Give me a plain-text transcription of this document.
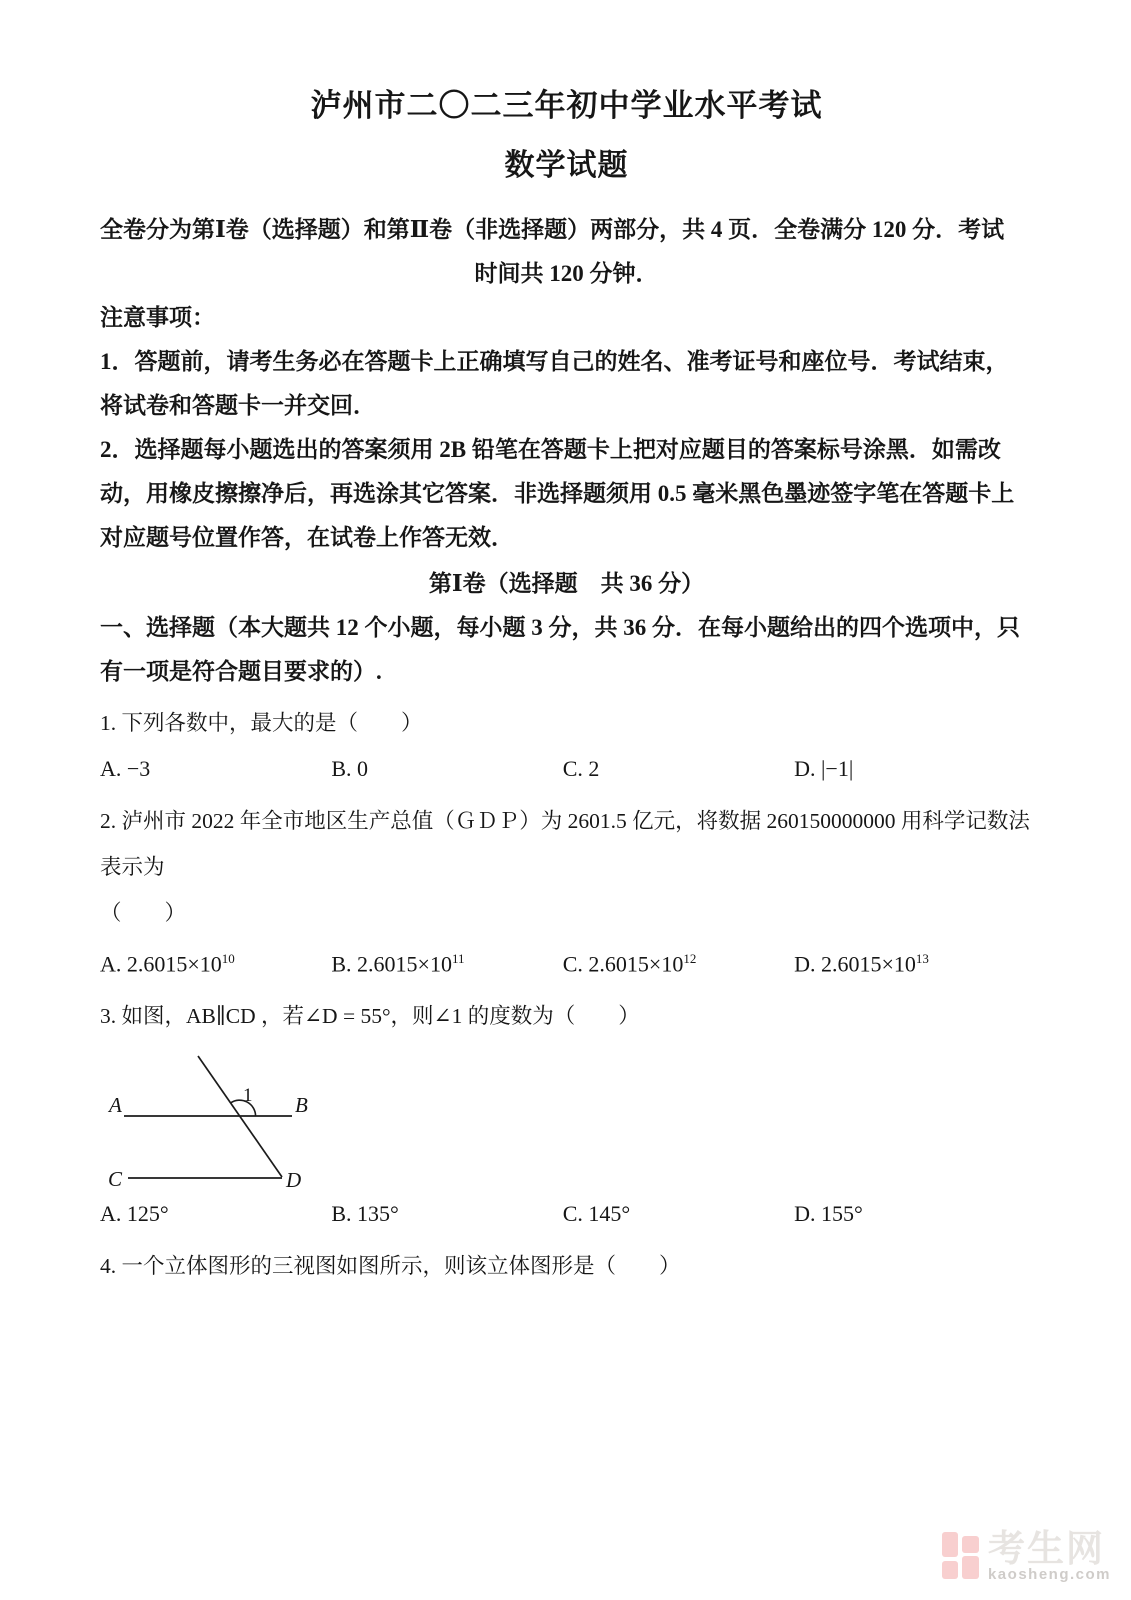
泸州市二〇二三年初中学业水平考试
数学试题
全卷分为第Ⅰ卷（选择题）和第Ⅱ卷（非选择题）两部分，共 4 页．全卷满分 120 分．考试
时间共 120 分钟．
注意事项：
1．答题前，请考生务必在答题卡上正确填写自己的姓名、准考证号和座位号．考试结束，
将试卷和答题卡一并交回．
2．选择题每小题选出的答案须用 2B 铅笔在答题卡上把对应题目的答案标号涂黑．如需改
动，用橡皮擦擦净后，再选涂其它答案．非选择题须用 0.5 毫米黑色墨迹签字笔在答题卡上
对应题号位置作答，在试卷上作答无效．
第Ⅰ卷（选择题　共 36 分）
一、选择题（本大题共 12 个小题，每小题 3 分，共 36 分．在每小题给出的四个选项中，只
有一项是符合题目要求的）.
1. 下列各数中，最大的是（　　）
A. −3	B. 0	C. 2	D. |−1|
2. 泸州市 2022 年全市地区生产总值（ＧＤＰ）为 2601.5 亿元，将数据 260150000000 用科学记数法表示为
（　　）
A. $2.6015\times 10^{10}$	B. $2.6015\times 10^{11}$	C. $2.6015\times 10^{12}$	D. $2.6015\times 10^{13}$
3. 如图，AB∥CD ，若∠D = 55°，则∠1 的度数为（　　）
A	B
C	D
1
A. 125°	B. 135°	C. 145°	D. 155°
4. 一个立体图形的三视图如图所示，则该立体图形是（　　）
考生网
kaosheng.com
